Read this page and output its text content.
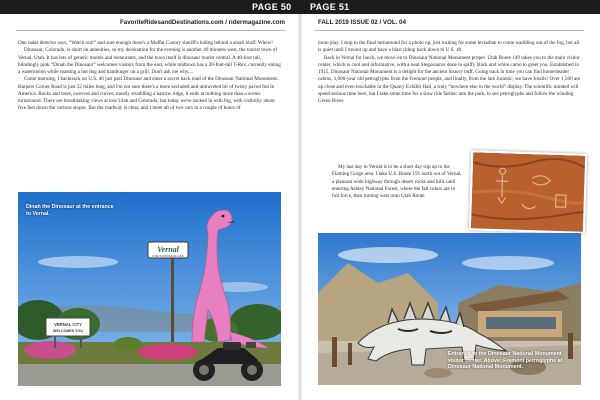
PAGE 50 PAGE 51
FavoriteRidesandDestinations.com / ridermagazine.com	FALL 2019 ISSUE 02 / VOL. 04

One radar detector says, “Watch out!” and sure enough there's a Moffat County sheriff's hiding behind a small bluff. Whew!

Dinosaur, Colorado, is short on amenities, so my destination for the evening is another 40 minutes west, the tourist town of Vernal, Utah. It has lots of generic motels and restaurants, and the town itself is dinosaur tourist central. A 40-foot tall, blindingly pink “Dinah the Dinosaur” welcomes visitors from the east, while midtown has a 20-foot-tall T-Rex, currently eating a watermelon while roasting a hot dog and hamburger on a grill. Don't ask me why....

Come morning, I backtrack on U.S. 40 just past Dinosaur and enter a secret back road of the Dinosaur National Monument. Harpers Corner Road is just 32 miles long, and I'm not sure there's a more secluded and untraveled bit of twisty paved fun in America. Rocks and trees, swerves and curves, mostly straddling a narrow ridge, it ends at nothing more than a scenic turnaround. There are breathtaking views across Utah and Colorado, but today we're socked in with fog, with visibility about five feet down the various slopes. But the roadway is clear, and I meet all of two cars in a couple of hours of

moto play. I stop in the final turnaround for a photo op, just waiting for some leviathan to come waddling out of the fog, but all is quiet until I mount up and have a blast riding back down to U.S. 40.

Back in Vernal for lunch, we move on to Dinosaur National Monument proper. Utah Route 149 takes you to the main visitor center, which is cool and informative, with a neat Stegosaurus done in spiffy black and white camo to greet you. Established in 1915, Dinosaur National Monument is a delight for the ancient history buff. Going back in time you can find homesteader cabins, 1,000-year old petroglyphs from the Fremont people, and finally, from the late Jurassic, we have fossils! Over 1,500 are up close and even touchable in the Quarry Exhibit Hall, a truly “nowhere else in the world” display. The scientific minded will spend serious time here, but I take some time for a slow ride farther into the park, to see petroglyphs and follow the winding Green River.

My last day in Vernal is to be a short day trip up to the Flaming Gorge area. I take U.S. Route 191 north out of Vernal, a pleasant wide highway through desert rocks and hills until entering Ashley National Forest, where the fall colors are in full force, then turning west onto Utah Route

Vernal
UTAH'S DINOSAUR LAND
VERNAL CITY
WELCOMES YOU
Dinah the Dinosaur at the entrance to Vernal.
Entrance to the Dinosaur National Monument visitor center. Above: Fremont petroglyphs at Dinosaur National Monument.
